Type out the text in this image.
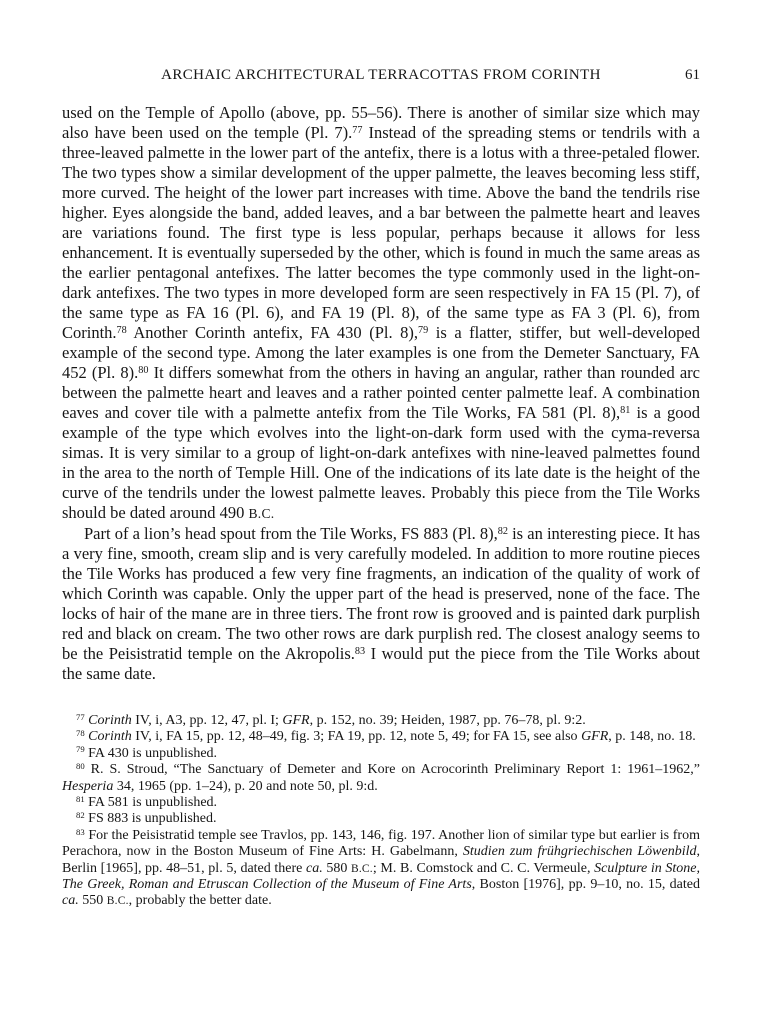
ARCHAIC ARCHITECTURAL TERRACOTTAS FROM CORINTH	61

used on the Temple of Apollo (above, pp. 55–56). There is another of similar size which may also have been used on the temple (Pl. 7).$^{77}$ Instead of the spreading stems or tendrils with a three-leaved palmette in the lower part of the antefix, there is a lotus with a three-petaled flower. The two types show a similar development of the upper palmette, the leaves becoming less stiff, more curved. The height of the lower part increases with time. Above the band the tendrils rise higher. Eyes alongside the band, added leaves, and a bar between the palmette heart and leaves are variations found. The first type is less popular, perhaps because it allows for less enhancement. It is eventually superseded by the other, which is found in much the same areas as the earlier pentagonal antefixes. The latter becomes the type commonly used in the light-on-dark antefixes. The two types in more developed form are seen respectively in FA 15 (Pl. 7), of the same type as FA 16 (Pl. 6), and FA 19 (Pl. 8), of the same type as FA 3 (Pl. 6), from Corinth.$^{78}$ Another Corinth antefix, FA 430 (Pl. 8),$^{79}$ is a flatter, stiffer, but well-developed example of the second type. Among the later examples is one from the Demeter Sanctuary, FA 452 (Pl. 8).$^{80}$ It differs somewhat from the others in having an angular, rather than rounded arc between the palmette heart and leaves and a rather pointed center palmette leaf. A combination eaves and cover tile with a palmette antefix from the Tile Works, FA 581 (Pl. 8),$^{81}$ is a good example of the type which evolves into the light-on-dark form used with the cyma-reversa simas. It is very similar to a group of light-on-dark antefixes with nine-leaved palmettes found in the area to the north of Temple Hill. One of the indications of its late date is the height of the curve of the tendrils under the lowest palmette leaves. Probably this piece from the Tile Works should be dated around 490 B.C.

Part of a lion’s head spout from the Tile Works, FS 883 (Pl. 8),$^{82}$ is an interesting piece. It has a very fine, smooth, cream slip and is very carefully modeled. In addition to more routine pieces the Tile Works has produced a few very fine fragments, an indication of the quality of work of which Corinth was capable. Only the upper part of the head is preserved, none of the face. The locks of hair of the mane are in three tiers. The front row is grooved and is painted dark purplish red and black on cream. The two other rows are dark purplish red. The closest analogy seems to be the Peisistratid temple on the Akropolis.$^{83}$ I would put the piece from the Tile Works about the same date.

$^{77}$ Corinth IV, i, A3, pp. 12, 47, pl. I; GFR, p. 152, no. 39; Heiden, 1987, pp. 76–78, pl. 9:2.

$^{78}$ Corinth IV, i, FA 15, pp. 12, 48–49, fig. 3; FA 19, pp. 12, note 5, 49; for FA 15, see also GFR, p. 148, no. 18.

$^{79}$ FA 430 is unpublished.

$^{80}$ R. S. Stroud, “The Sanctuary of Demeter and Kore on Acrocorinth Preliminary Report 1: 1961–1962,” Hesperia 34, 1965 (pp. 1–24), p. 20 and note 50, pl. 9:d.

$^{81}$ FA 581 is unpublished.

$^{82}$ FS 883 is unpublished.

$^{83}$ For the Peisistratid temple see Travlos, pp. 143, 146, fig. 197. Another lion of similar type but earlier is from Perachora, now in the Boston Museum of Fine Arts: H. Gabelmann, Studien zum frühgriechischen Löwenbild, Berlin [1965], pp. 48–51, pl. 5, dated there ca. 580 B.C.; M. B. Comstock and C. C. Vermeule, Sculpture in Stone, The Greek, Roman and Etruscan Collection of the Museum of Fine Arts, Boston [1976], pp. 9–10, no. 15, dated ca. 550 B.C., probably the better date.
